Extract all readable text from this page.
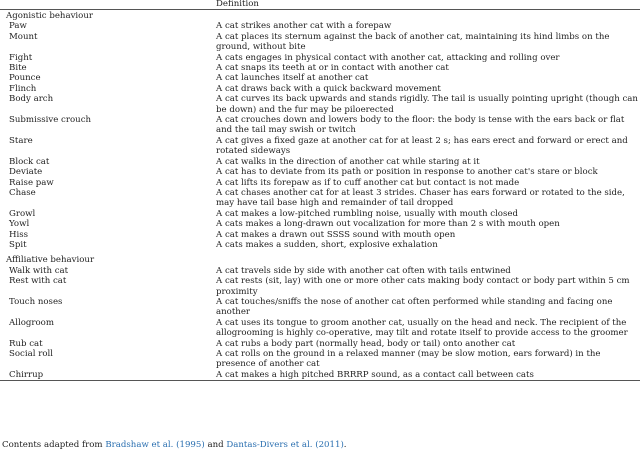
	Definition
Agonistic behaviour	
Paw	A cat strikes another cat with a forepaw
Mount	A cat places its sternum against the back of another cat, maintaining its hind limbs on the ground, without bite
Fight	A cats engages in physical contact with another cat, attacking and rolling over
Bite	A cat snaps its teeth at or in contact with another cat
Pounce	A cat launches itself at another cat
Flinch	A cat draws back with a quick backward movement
Body arch	A cat curves its back upwards and stands rigidly. The tail is usually pointing upright (though can be down) and the fur may be piloerected
Submissive crouch	A cat crouches down and lowers body to the floor: the body is tense with the ears back or flat and the tail may swish or twitch
Stare	A cat gives a fixed gaze at another cat for at least 2 s; has ears erect and forward or erect and rotated sideways
Block cat	A cat walks in the direction of another cat while staring at it
Deviate	A cat has to deviate from its path or position in response to another cat's stare or block
Raise paw	A cat lifts its forepaw as if to cuff another cat but contact is not made
Chase	A cat chases another cat for at least 3 strides. Chaser has ears forward or rotated to the side, may have tail base high and remainder of tail dropped
Growl	A cat makes a low-pitched rumbling noise, usually with mouth closed
Yowl	A cats makes a long-drawn out vocalization for more than 2 s with mouth open
Hiss	A cat makes a drawn out SSSS sound with mouth open
Spit	A cats makes a sudden, short, explosive exhalation
Affiliative behaviour	
Walk with cat	A cat travels side by side with another cat often with tails entwined
Rest with cat	A cat rests (sit, lay) with one or more other cats making body contact or body part within 5 cm proximity
Touch noses	A cat touches/sniffs the nose of another cat often performed while standing and facing one another
Allogroom	A cat uses its tongue to groom another cat, usually on the head and neck. The recipient of the allogrooming is highly co-operative, may tilt and rotate itself to provide access to the groomer
Rub cat	A cat rubs a body part (normally head, body or tail) onto another cat
Social roll	A cat rolls on the ground in a relaxed manner (may be slow motion, ears forward) in the presence of another cat
Chirrup	A cat makes a high pitched BRRRP sound, as a contact call between cats
Contents adapted from Bradshaw et al. (1995) and Dantas-Divers et al. (2011).
